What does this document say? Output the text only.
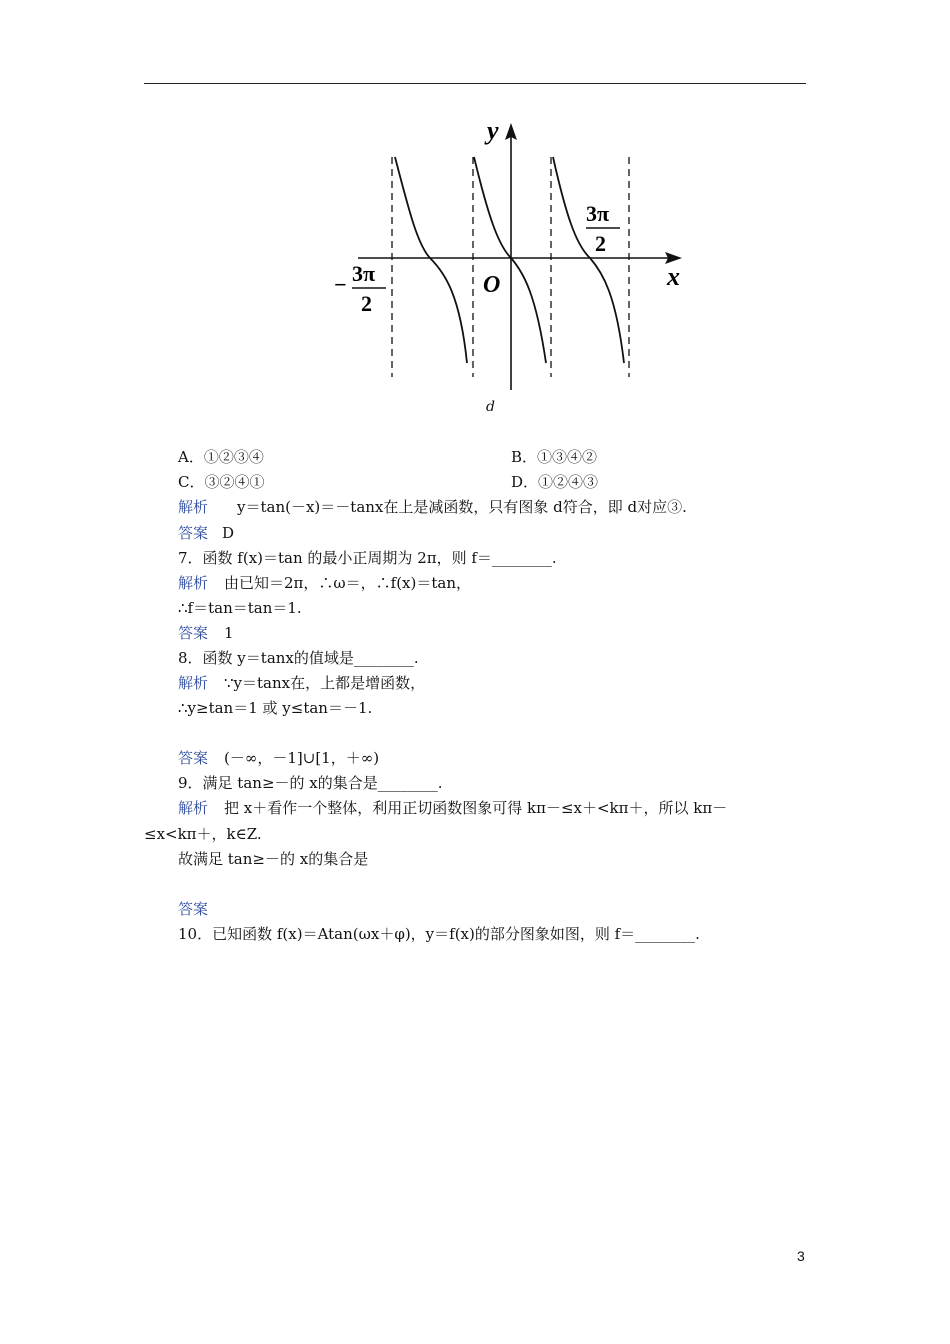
y
x
O
− 3π
2
3π
2
d
A．①②③④	B．①③④②
C．③②④①	D．①②④③
解析　y＝tan(－x)＝－tanx在上是减函数，只有图象 d符合，即 d对应③.
答案 D
7．函数 f(x)＝tan 的最小正周期为 2π，则 f＝________.
解析 由已知＝2π，∴ω＝，∴f(x)＝tan，
∴f＝tan＝tan＝1.
答案 1
8．函数 y＝tanx的值域是________.
解析 ∵y＝tanx在，上都是增函数，
∴y≥tan＝1 或 y≤tan＝－1.
答案 (－∞，－1]∪[1，＋∞)
9．满足 tan≥－的 x的集合是________.
解析 把 x＋看作一个整体，利用正切函数图象可得 kπ－≤x＋<kπ＋，所以 kπ－
≤x<kπ＋，k∈Z.
故满足 tan≥－的 x的集合是
答案
10．已知函数 f(x)＝Atan(ωx＋φ)，y＝f(x)的部分图象如图，则 f＝________.
3
